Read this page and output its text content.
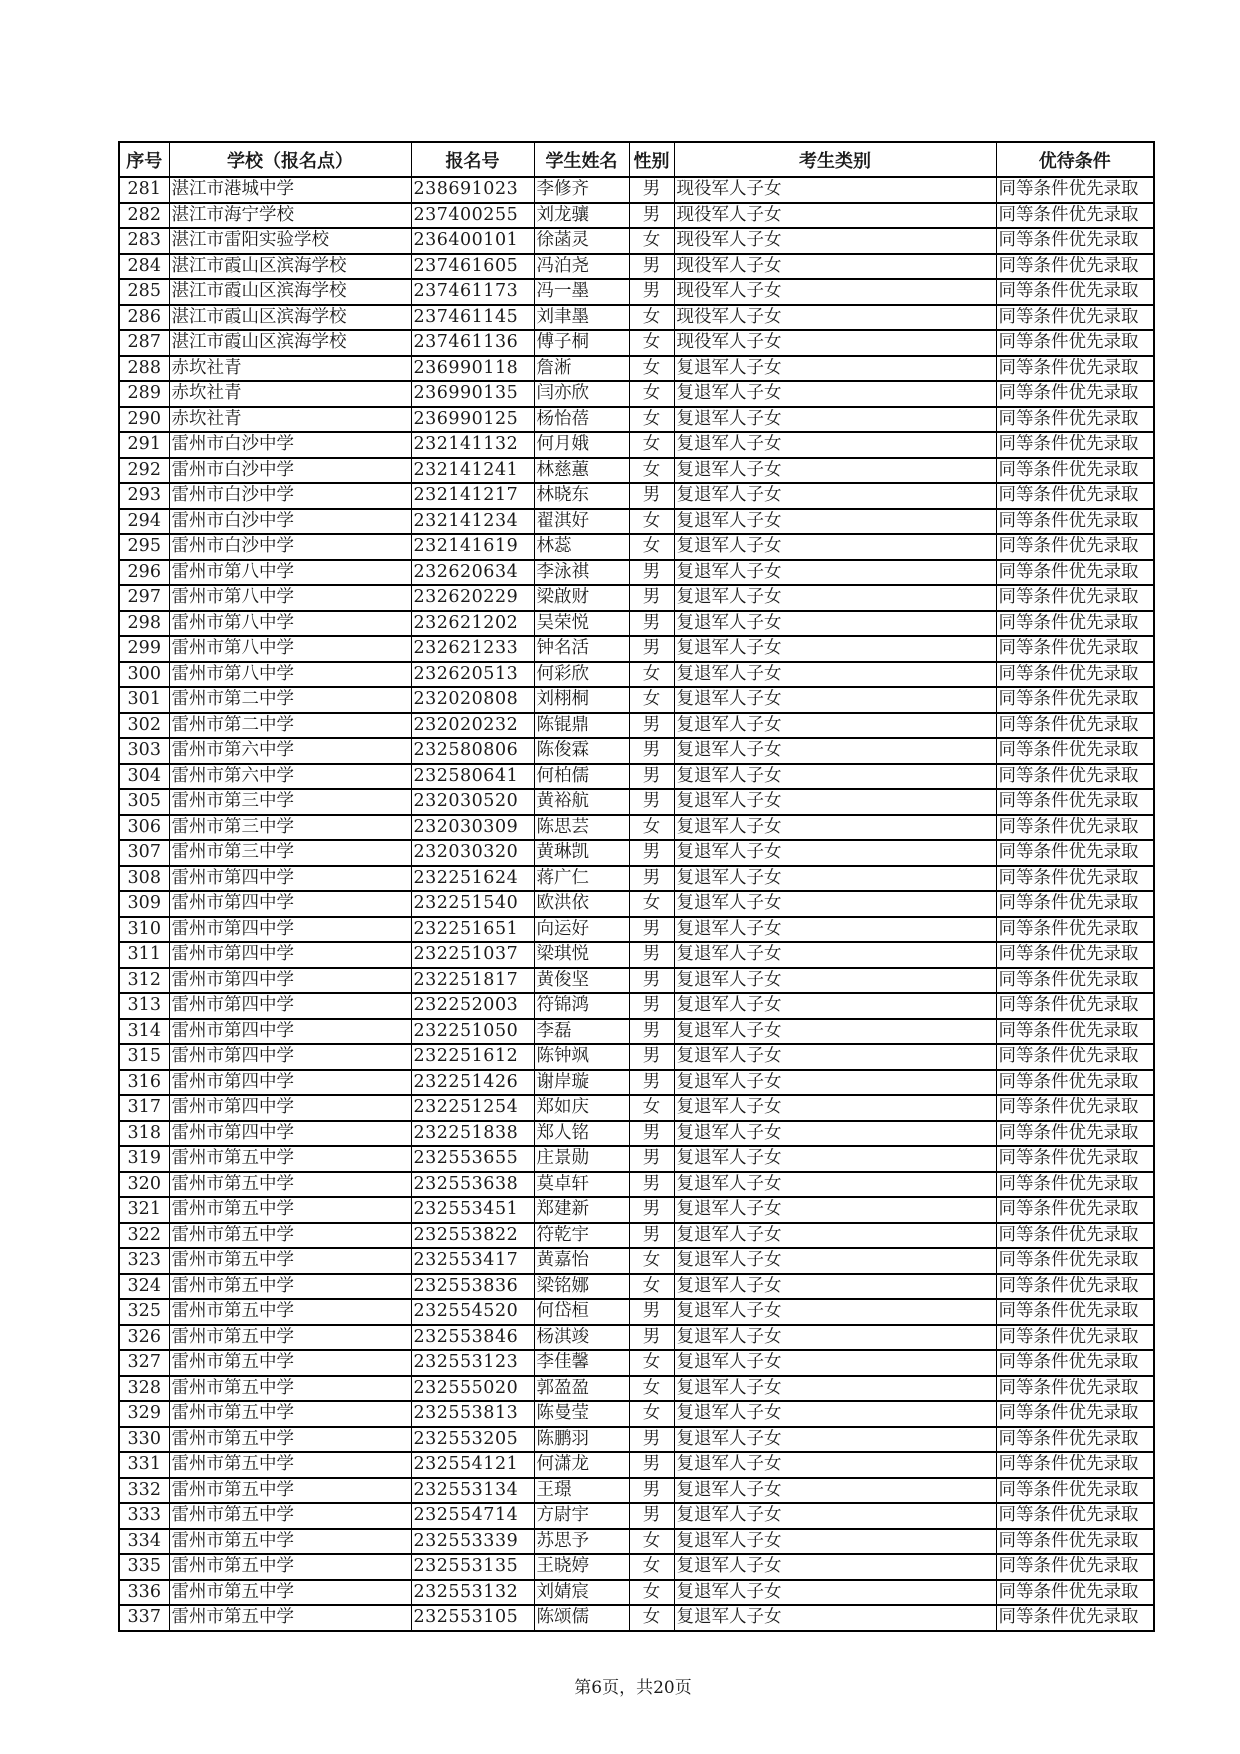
序号	学校（报名点）	报名号	学生姓名	性别	考生类别	优待条件
281	湛江市港城中学	238691023	李修齐	男	现役军人子女	同等条件优先录取
282	湛江市海宁学校	237400255	刘龙骧	男	现役军人子女	同等条件优先录取
283	湛江市雷阳实验学校	236400101	徐菡灵	女	现役军人子女	同等条件优先录取
284	湛江市霞山区滨海学校	237461605	冯泊尧	男	现役军人子女	同等条件优先录取
285	湛江市霞山区滨海学校	237461173	冯一墨	男	现役军人子女	同等条件优先录取
286	湛江市霞山区滨海学校	237461145	刘聿墨	女	现役军人子女	同等条件优先录取
287	湛江市霞山区滨海学校	237461136	傅子桐	女	现役军人子女	同等条件优先录取
288	赤坎社青	236990118	詹淅	女	复退军人子女	同等条件优先录取
289	赤坎社青	236990135	闫亦欣	女	复退军人子女	同等条件优先录取
290	赤坎社青	236990125	杨怡蓓	女	复退军人子女	同等条件优先录取
291	雷州市白沙中学	232141132	何月娥	女	复退军人子女	同等条件优先录取
292	雷州市白沙中学	232141241	林慈蕙	女	复退军人子女	同等条件优先录取
293	雷州市白沙中学	232141217	林晓东	男	复退军人子女	同等条件优先录取
294	雷州市白沙中学	232141234	翟淇好	女	复退军人子女	同等条件优先录取
295	雷州市白沙中学	232141619	林蕊	女	复退军人子女	同等条件优先录取
296	雷州市第八中学	232620634	李泳祺	男	复退军人子女	同等条件优先录取
297	雷州市第八中学	232620229	梁啟财	男	复退军人子女	同等条件优先录取
298	雷州市第八中学	232621202	吴荣悦	男	复退军人子女	同等条件优先录取
299	雷州市第八中学	232621233	钟名活	男	复退军人子女	同等条件优先录取
300	雷州市第八中学	232620513	何彩欣	女	复退军人子女	同等条件优先录取
301	雷州市第二中学	232020808	刘栩桐	女	复退军人子女	同等条件优先录取
302	雷州市第二中学	232020232	陈锟鼎	男	复退军人子女	同等条件优先录取
303	雷州市第六中学	232580806	陈俊霖	男	复退军人子女	同等条件优先录取
304	雷州市第六中学	232580641	何柏儒	男	复退军人子女	同等条件优先录取
305	雷州市第三中学	232030520	黄裕航	男	复退军人子女	同等条件优先录取
306	雷州市第三中学	232030309	陈思芸	女	复退军人子女	同等条件优先录取
307	雷州市第三中学	232030320	黄琳凯	男	复退军人子女	同等条件优先录取
308	雷州市第四中学	232251624	蒋广仁	男	复退军人子女	同等条件优先录取
309	雷州市第四中学	232251540	欧洪依	女	复退军人子女	同等条件优先录取
310	雷州市第四中学	232251651	向运好	男	复退军人子女	同等条件优先录取
311	雷州市第四中学	232251037	梁琪悦	男	复退军人子女	同等条件优先录取
312	雷州市第四中学	232251817	黄俊坚	男	复退军人子女	同等条件优先录取
313	雷州市第四中学	232252003	符锦鸿	男	复退军人子女	同等条件优先录取
314	雷州市第四中学	232251050	李磊	男	复退军人子女	同等条件优先录取
315	雷州市第四中学	232251612	陈钟飒	男	复退军人子女	同等条件优先录取
316	雷州市第四中学	232251426	谢岸璇	男	复退军人子女	同等条件优先录取
317	雷州市第四中学	232251254	郑如庆	女	复退军人子女	同等条件优先录取
318	雷州市第四中学	232251838	郑人铭	男	复退军人子女	同等条件优先录取
319	雷州市第五中学	232553655	庄景勋	男	复退军人子女	同等条件优先录取
320	雷州市第五中学	232553638	莫卓轩	男	复退军人子女	同等条件优先录取
321	雷州市第五中学	232553451	郑建新	男	复退军人子女	同等条件优先录取
322	雷州市第五中学	232553822	符乾宇	男	复退军人子女	同等条件优先录取
323	雷州市第五中学	232553417	黄嘉怡	女	复退军人子女	同等条件优先录取
324	雷州市第五中学	232553836	梁铭娜	女	复退军人子女	同等条件优先录取
325	雷州市第五中学	232554520	何岱桓	男	复退军人子女	同等条件优先录取
326	雷州市第五中学	232553846	杨淇竣	男	复退军人子女	同等条件优先录取
327	雷州市第五中学	232553123	李佳馨	女	复退军人子女	同等条件优先录取
328	雷州市第五中学	232555020	郭盈盈	女	复退军人子女	同等条件优先录取
329	雷州市第五中学	232553813	陈曼莹	女	复退军人子女	同等条件优先录取
330	雷州市第五中学	232553205	陈鹏羽	男	复退军人子女	同等条件优先录取
331	雷州市第五中学	232554121	何潇龙	男	复退军人子女	同等条件优先录取
332	雷州市第五中学	232553134	王璟	男	复退军人子女	同等条件优先录取
333	雷州市第五中学	232554714	方尉宇	男	复退军人子女	同等条件优先录取
334	雷州市第五中学	232553339	苏思予	女	复退军人子女	同等条件优先录取
335	雷州市第五中学	232553135	王晓婷	女	复退军人子女	同等条件优先录取
336	雷州市第五中学	232553132	刘婧宸	女	复退军人子女	同等条件优先录取
337	雷州市第五中学	232553105	陈颂儒	女	复退军人子女	同等条件优先录取
第6页，共20页
